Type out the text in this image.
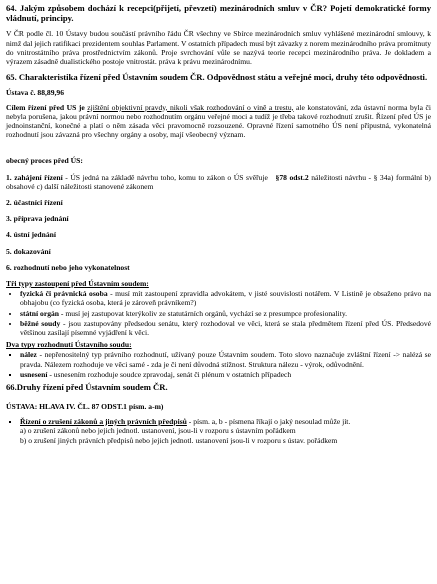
64. Jakým způsobem dochází k recepci(přijetí, převzetí) mezinárodních smluv v ČR? Pojetí demokratické formy vládnutí, principy.

V ČR podle čl. 10 Ústavy budou součástí právního řádu ČR všechny ve Sbírce mezinárodních smluv vyhlášené mezinárodní smlouvy, k nimž dal jejich ratifikaci prezidentem souhlas Parlament. V ostatních případech musí být závazky z norem mezinárodního práva promítnuty do vnitrostátního práva prostřednictvím zákonů. Proje svrchování vůle se nazývá teorie recepci mezinárodního práva. Je dokladem a výrazem zásadně dualistického postoje vnitrostát. práva k právu mezinárodnímu.

65. Charakteristika řízení před Ústavním soudem ČR. Odpovědnost státu a veřejné moci, druhy této odpovědnosti.

Ústava č. 88,89,96

Cílem řízení před US je zjištění objektivní pravdy, nikoli však rozhodování o vině a trestu, ale konstatování, zda ústavní norma byla či nebyla porušena, jakou právní normou nebo rozhodnutím orgánu veřejné moci a tudíž je třeba takové rozhodnutí zrušit. Řízení před ÚS je jednoinstanční, konečné a platí o něm zásada věci pravomocně rozsouzené. Opravné řízení samotného ÚS není přípustná, vykonatelná rozhodnutí jsou závazná pro všechny orgány a osoby, mají všeobecný význam.

obecný proces před ÚS:

1. zahájení řízení - ÚS jedná na základě návrhu toho, komu to zákon o ÚS svěřuje §78 odst.2 náležitosti návrhu - § 34a) formální b) obsahové c) další náležitosti stanovené zákonem

2. účastníci řízení

3. příprava jednání

4. ústní jednání

5. dokazování

6. rozhodnutí nebo jeho vykonatelnost

Tři typy zastoupení před Ústavním soudem:

• fyzická či právnická osoba - musí mít zastoupení zpravidla advokátem, v jisté souvislosti notářem. V Listině je obsaženo právo na obhajobu (co fyzická osoba, která je zároveň právníkem?)
• státní orgán - musí jej zastupovat kterýkoliv ze statutárních orgánů, vychází se z presumpce profesionality.
• běžné soudy - jsou zastupovány předsedou senátu, který rozhodoval ve věci, která se stala předmětem řízení před ÚS. Předsedové většinou zasílají písemné vyjádření k věci.

Dva typy rozhodnutí Ústavního soudu:

▪ nález - nepřenositelný typ právního rozhodnutí, užívaný pouze Ústavním soudem. Toto slovo naznačuje zvláštní řízení -> nalézá se pravda. Nálezem rozhoduje ve věci samé - zda je či není důvodná stížnost. Struktura nálezu - výrok, odůvodnění.
▪ usnesení - usnesením rozhoduje soudce zpravodaj, senát či plénum v ostatních případech

66.Druhy řízení před Ústavním soudem ČR.

ÚSTAVA: HLAVA IV. ČL. 87 ODST.1 písm. a-m)

▪ Řízení o zrušení zákonů a jiných právních předpisů - písm. a, b - písmena říkají o jaký nesoulad může jít.
a) o zrušení zákonů nebo jejich jednotl. ustanovení, jsou-li v rozporu s ústavním pořádkem
b) o zrušení jiných právních předpisů nebo jejich jednotl. ustanovení jsou-li v rozporu s ústav. pořádkem
